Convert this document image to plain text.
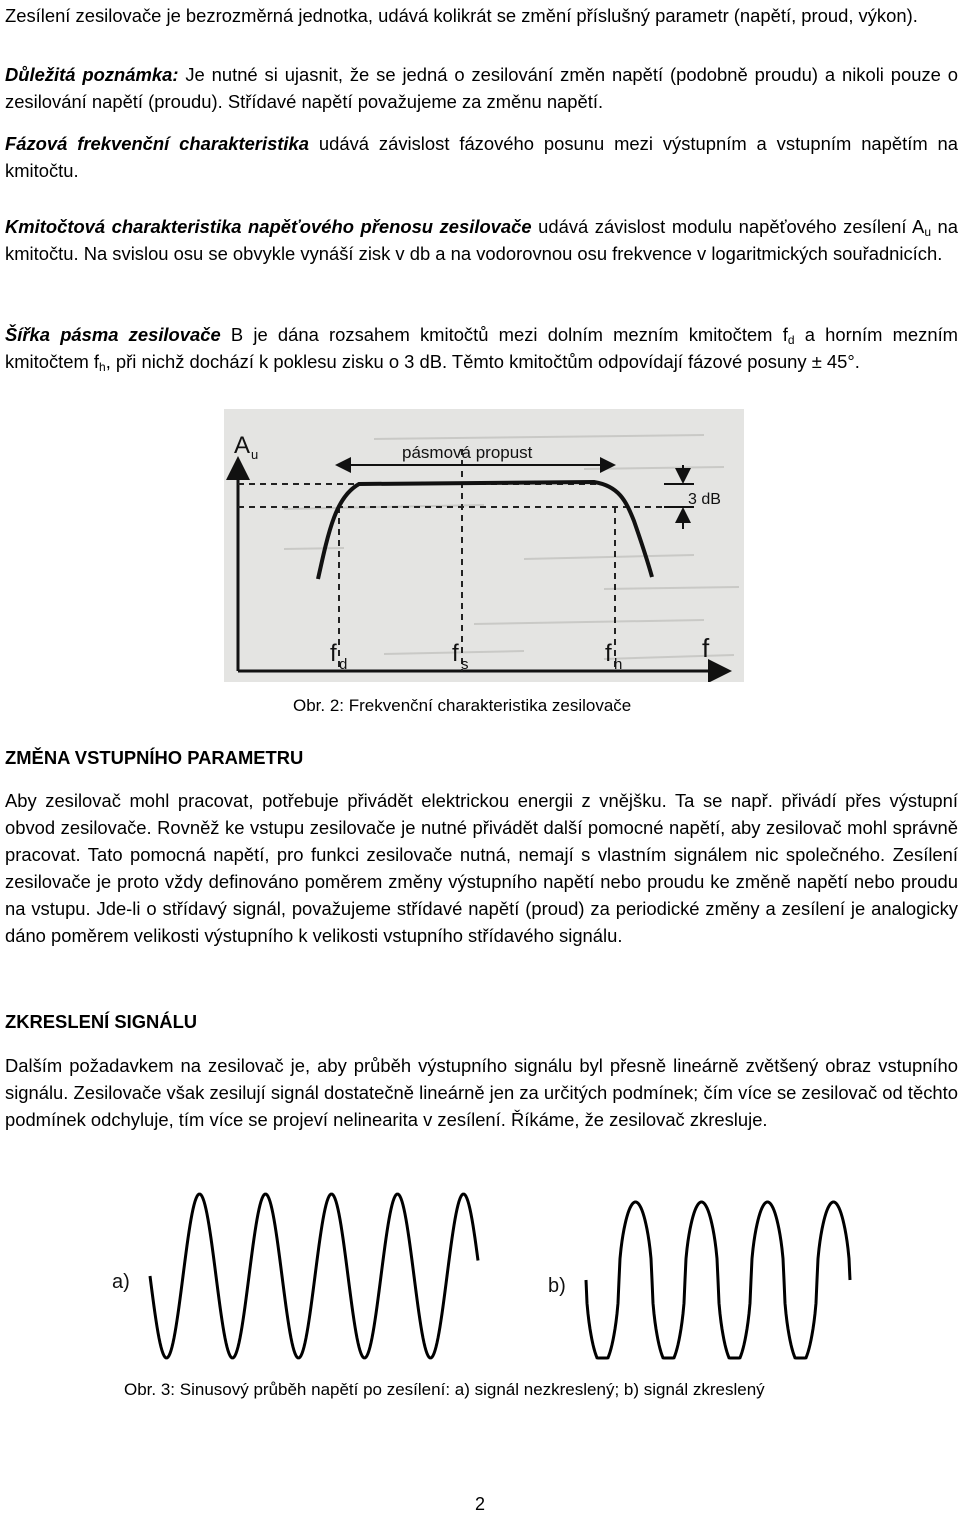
Zesílení zesilovače je bezrozměrná jednotka, udává kolikrát se změní příslušný parametr (napětí, proud, výkon).

Důležitá poznámka: Je nutné si ujasnit, že se jedná o zesilování změn napětí (podobně proudu) a nikoli pouze o zesilování napětí (proudu). Střídavé napětí považujeme za změnu napětí.

Fázová frekvenční charakteristika udává závislost fázového posunu mezi výstupním a vstupním napětím na kmitočtu.

Kmitočtová charakteristika napěťového přenosu zesilovače udává závislost modulu napěťového zesílení $A_u$ na kmitočtu. Na svislou osu se obvykle vynáší zisk v db a na vodorovnou osu frekvence v logaritmických souřadnicích.

Šířka pásma zesilovače B je dána rozsahem kmitočtů mezi dolním mezním kmitočtem $f_d$ a horním mezním kmitočtem $f_h$, při nichž dochází k poklesu zisku o 3 dB. Těmto kmitočtům odpovídají fázové posuny ± 45°.

pásmová propust
3 dB
A u
f
f d	f s	f h

Obr. 2: Frekvenční charakteristika zesilovače

ZMĚNA VSTUPNÍHO PARAMETRU

Aby zesilovač mohl pracovat, potřebuje přivádět elektrickou energii z vnějšku. Ta se např. přivádí přes výstupní obvod zesilovače. Rovněž ke vstupu zesilovače je nutné přivádět další pomocné napětí, aby zesilovač mohl správně pracovat. Tato pomocná napětí, pro funkci zesilovače nutná, nemají s vlastním signálem nic společného. Zesílení zesilovače je proto vždy definováno poměrem změny výstupního napětí nebo proudu ke změně napětí nebo proudu na vstupu. Jde-li o střídavý signál, považujeme střídavé napětí (proud) za periodické změny a zesílení je analogicky dáno poměrem velikosti výstupního k velikosti vstupního střídavého signálu.

ZKRESLENÍ SIGNÁLU

Dalším požadavkem na zesilovač je, aby průběh výstupního signálu byl přesně lineárně zvětšený obraz vstupního signálu. Zesilovače však zesilují signál dostatečně lineárně jen za určitých podmínek; čím více se zesilovač od těchto podmínek odchyluje, tím více se projeví nelinearita v zesílení. Říkáme, že zesilovač zkresluje.

a)	b)

Obr. 3: Sinusový průběh napětí po zesílení: a) signál nezkreslený; b) signál zkreslený

2
